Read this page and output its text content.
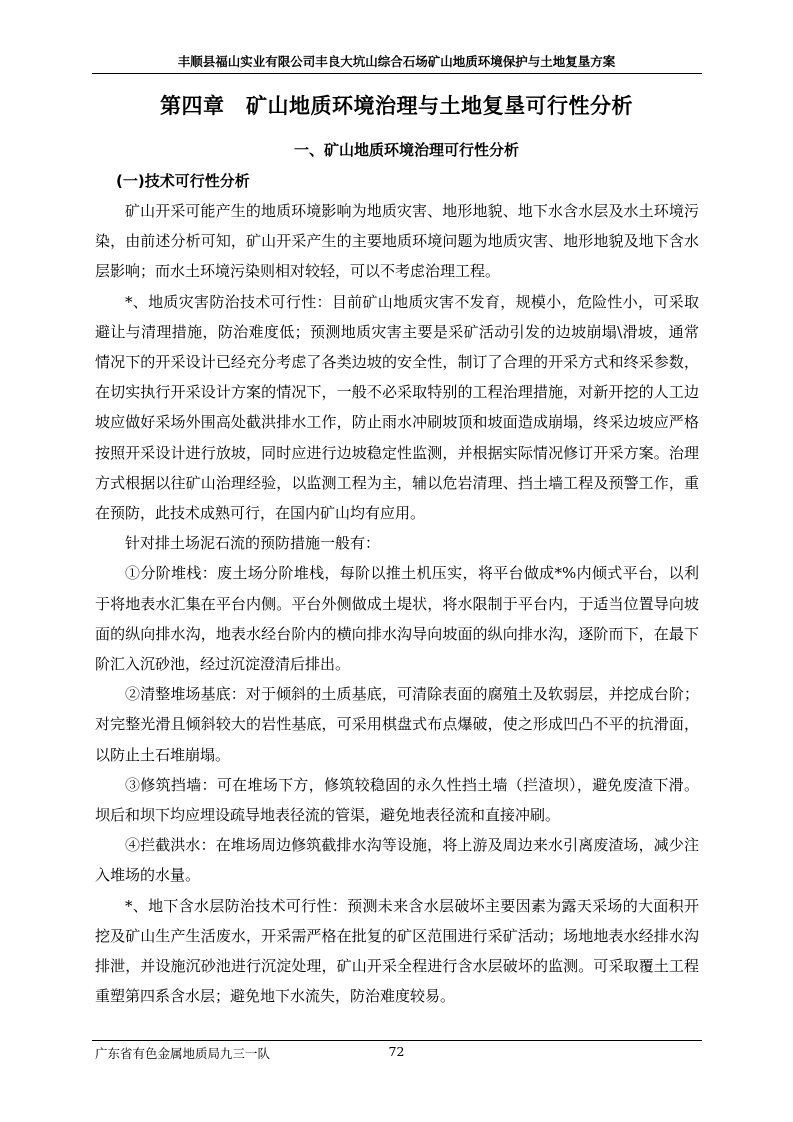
丰顺县福山实业有限公司丰良大坑山综合石场矿山地质环境保护与土地复垦方案
第四章　矿山地质环境治理与土地复垦可行性分析
一、矿山地质环境治理可行性分析
(一)技术可行性分析

矿山开采可能产生的地质环境影响为地质灾害、地形地貌、地下水含水层及水土环境污染，由前述分析可知，矿山开采产生的主要地质环境问题为地质灾害、地形地貌及地下含水层影响；而水土环境污染则相对较轻，可以不考虑治理工程。

*、地质灾害防治技术可行性：目前矿山地质灾害不发育，规模小，危险性小，可采取避让与清理措施，防治难度低；预测地质灾害主要是采矿活动引发的边坡崩塌\滑坡，通常情况下的开采设计已经充分考虑了各类边坡的安全性，制订了合理的开采方式和终采参数，在切实执行开采设计方案的情况下，一般不必采取特别的工程治理措施，对新开挖的人工边坡应做好采场外围高处截洪排水工作，防止雨水冲刷坡顶和坡面造成崩塌，终采边坡应严格按照开采设计进行放坡，同时应进行边坡稳定性监测，并根据实际情况修订开采方案。治理方式根据以往矿山治理经验，以监测工程为主，辅以危岩清理、挡土墙工程及预警工作，重在预防，此技术成熟可行，在国内矿山均有应用。

针对排土场泥石流的预防措施一般有：

①分阶堆栈：废土场分阶堆栈，每阶以推土机压实，将平台做成*%内倾式平台，以利于将地表水汇集在平台内侧。平台外侧做成土堤状，将水限制于平台内，于适当位置导向坡面的纵向排水沟，地表水经台阶内的横向排水沟导向坡面的纵向排水沟，逐阶而下，在最下阶汇入沉砂池，经过沉淀澄清后排出。

②清整堆场基底：对于倾斜的土质基底，可清除表面的腐殖土及软弱层，并挖成台阶；对完整光滑且倾斜较大的岩性基底，可采用棋盘式布点爆破，使之形成凹凸不平的抗滑面，以防止土石堆崩塌。

③修筑挡墙：可在堆场下方，修筑较稳固的永久性挡土墙（拦渣坝），避免废渣下滑。坝后和坝下均应埋设疏导地表径流的管渠，避免地表径流和直接冲刷。

④拦截洪水：在堆场周边修筑截排水沟等设施，将上游及周边来水引离废渣场，减少注入堆场的水量。

*、地下含水层防治技术可行性：预测未来含水层破坏主要因素为露天采场的大面积开挖及矿山生产生活废水，开采需严格在批复的矿区范围进行采矿活动；场地地表水经排水沟排泄，并设施沉砂池进行沉淀处理，矿山开采全程进行含水层破坏的监测。可采取覆土工程重塑第四系含水层；避免地下水流失，防治难度较易。

广东省有色金属地质局九三一队	72
